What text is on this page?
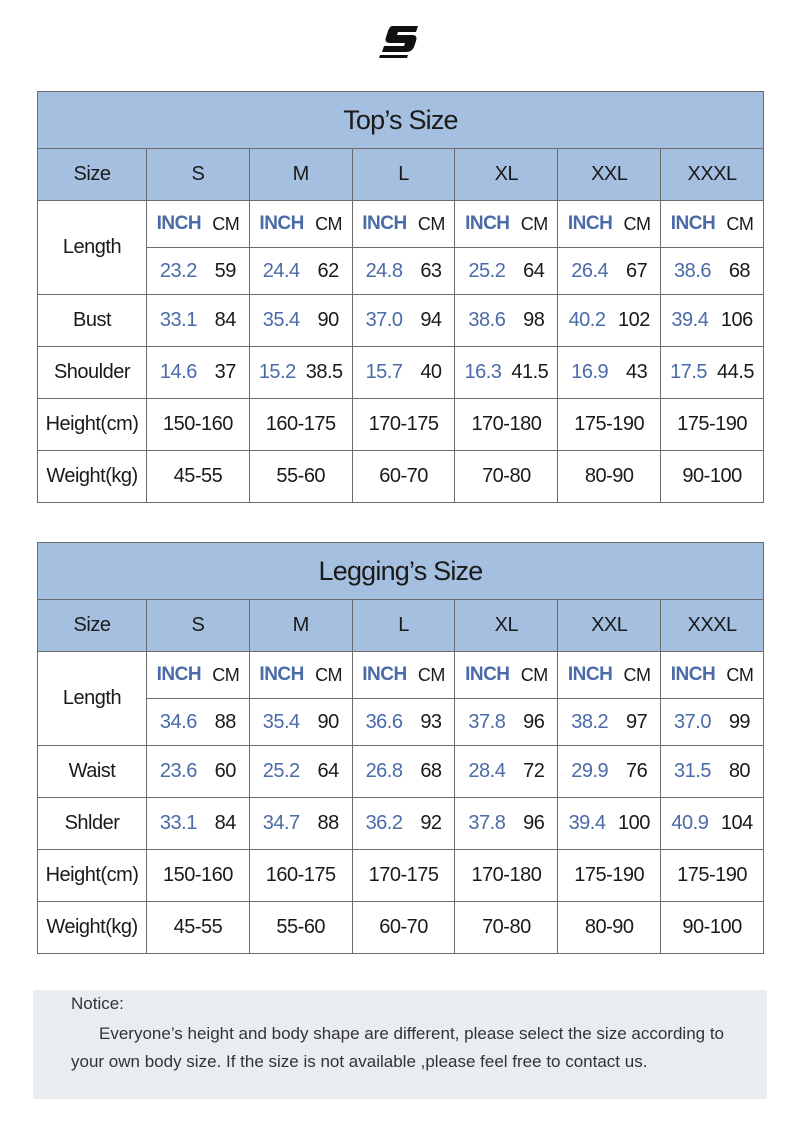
Top’s Size						
Size	S	M	L	XL	XXL	XXXL
Length	INCH CM	INCH CM	INCH CM	INCH CM	INCH CM	INCH CM

	23.2 59	24.4 62	24.8 63	25.2 64	26.4 67	38.6 68

Bust	33.1 84	35.4 90	37.0 94	38.6 98	40.2 102	39.4 106

Shoulder	14.6 37	15.2 38.5	15.7 40	16.3 41.5	16.9 43	17.5 44.5

Height(cm)	150-160	160-175	170-175	170-180	175-190	175-190
Weight(kg)	45-55	55-60	60-70	70-80	80-90	90-100
Legging’s Size						
Size	S	M	L	XL	XXL	XXXL
Length	INCH CM	INCH CM	INCH CM	INCH CM	INCH CM	INCH CM

	34.6 88	35.4 90	36.6 93	37.8 96	38.2 97	37.0 99

Waist	23.6 60	25.2 64	26.8 68	28.4 72	29.9 76	31.5 80

Shlder	33.1 84	34.7 88	36.2 92	37.8 96	39.4 100	40.9 104

Height(cm)	150-160	160-175	170-175	170-180	175-190	175-190
Weight(kg)	45-55	55-60	60-70	70-80	80-90	90-100
Notice:
Everyone’s height and body shape are different, please select the size according to your own body size. If the size is not available ,please feel free to contact us.
